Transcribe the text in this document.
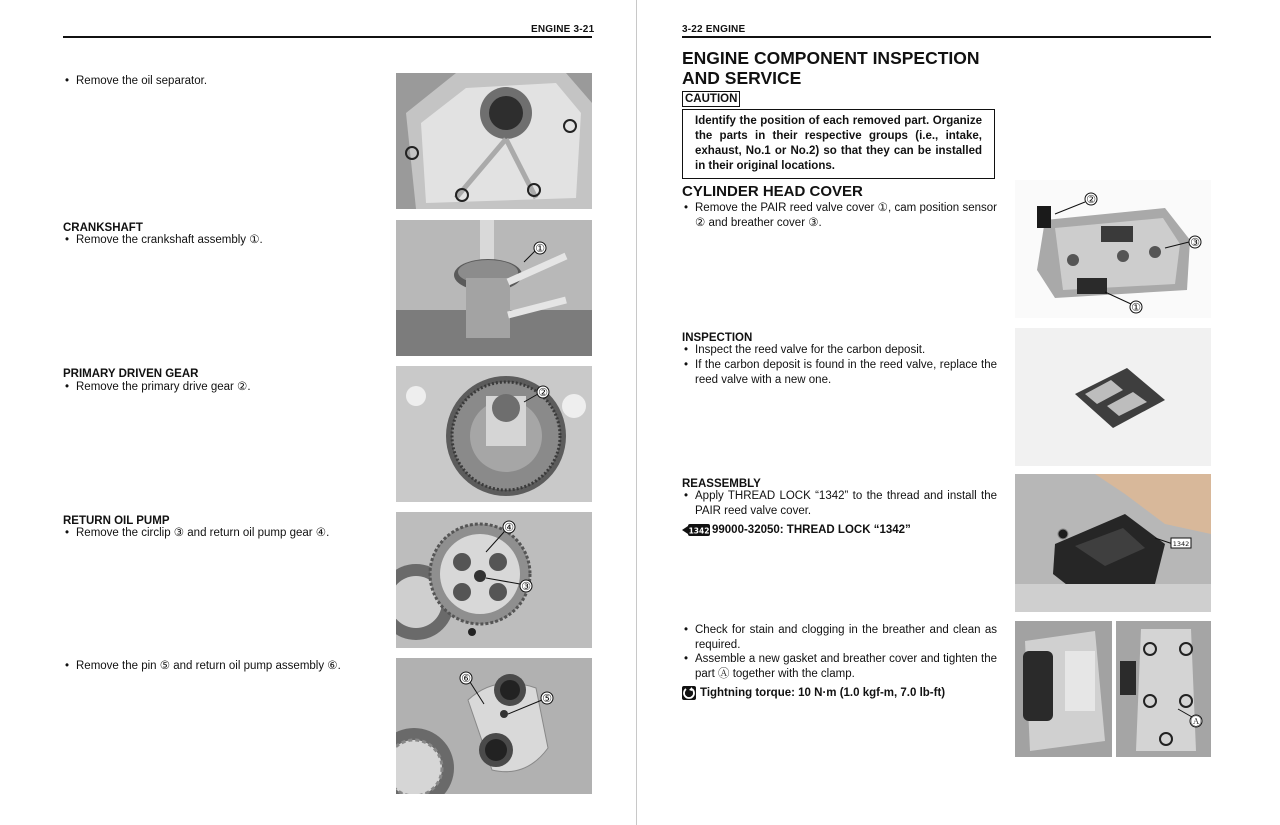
ENGINE 3-21
• Remove the oil separator.
CRANKSHAFT
• Remove the crankshaft assembly ①.
①
PRIMARY DRIVEN GEAR
• Remove the primary drive gear ②.	②
RETURN OIL PUMP
• Remove the circlip ③ and return oil pump gear ④.	④
③
• Remove the pin ⑤ and return oil pump assembly ⑥.
⑥
⑤
3-22 ENGINE
ENGINE COMPONENT INSPECTION
AND SERVICE
CAUTION
Identify the position of each removed part. Organize the parts in their respective groups (i.e., intake, exhaust, No.1 or No.2) so that they can be installed in their original locations.
CYLINDER HEAD COVER
• Remove the PAIR reed valve cover ①, cam position sensor ② and breather cover ③.
②
③
①
INSPECTION
• Inspect the reed valve for the carbon deposit.
• If the carbon deposit is found in the reed valve, replace the reed valve with a new one.
REASSEMBLY
• Apply THREAD LOCK “1342” to the thread and install the PAIR reed valve cover.
1342 99000-32050: THREAD LOCK “1342”
1342
• Check for stain and clogging in the breather and clean as required.
• Assemble a new gasket and breather cover and tighten the part Ⓐ together with the clamp.
Tightning torque: 10 N·m (1.0 kgf-m, 7.0 lb-ft)
Ⓐ
